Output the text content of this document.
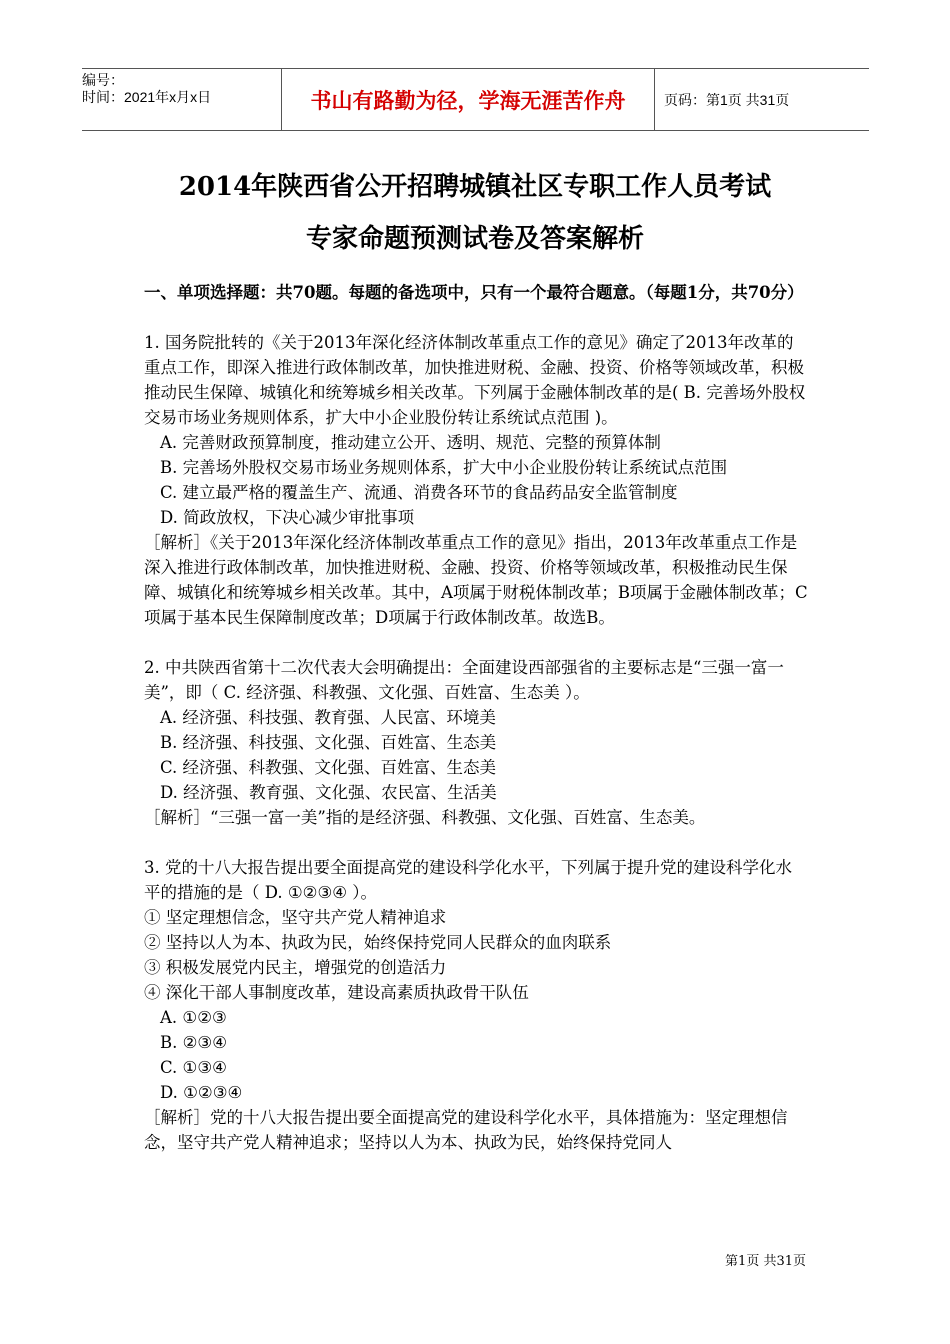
编号：
时间：2021年x月x日	书山有路勤为径，学海无涯苦作舟	页码：第1页 共31页
2014年陕西省公开招聘城镇社区专职工作人员考试
专家命题预测试卷及答案解析

一、单项选择题：共70题。每题的备选项中，只有一个最符合题意。（每题1分，共70分）

1. 国务院批转的《关于2013年深化经济体制改革重点工作的意见》确定了2013年改革的重点工作，即深入推进行政体制改革，加快推进财税、金融、投资、价格等领域改革，积极推动民生保障、城镇化和统筹城乡相关改革。下列属于金融体制改革的是( B. 完善场外股权交易市场业务规则体系，扩大中小企业股份转让系统试点范围 )。

A. 完善财政预算制度，推动建立公开、透明、规范、完整的预算体制

B. 完善场外股权交易市场业务规则体系，扩大中小企业股份转让系统试点范围

C. 建立最严格的覆盖生产、流通、消费各环节的食品药品安全监管制度

D. 简政放权，下决心减少审批事项

［解析］《关于2013年深化经济体制改革重点工作的意见》指出，2013年改革重点工作是深入推进行政体制改革，加快推进财税、金融、投资、价格等领域改革，积极推动民生保障、城镇化和统筹城乡相关改革。其中，A项属于财税体制改革；B项属于金融体制改革；C项属于基本民生保障制度改革；D项属于行政体制改革。故选B。

2. 中共陕西省第十二次代表大会明确提出：全面建设西部强省的主要标志是“三强一富一美”，即（ C. 经济强、科教强、文化强、百姓富、生态美 ）。

A. 经济强、科技强、教育强、人民富、环境美

B. 经济强、科技强、文化强、百姓富、生态美

C. 经济强、科教强、文化强、百姓富、生态美

D. 经济强、教育强、文化强、农民富、生活美

［解析］“三强一富一美”指的是经济强、科教强、文化强、百姓富、生态美。

3. 党的十八大报告提出要全面提高党的建设科学化水平，下列属于提升党的建设科学化水平的措施的是（ D. ①②③④ ）。

① 坚定理想信念，坚守共产党人精神追求

② 坚持以人为本、执政为民，始终保持党同人民群众的血肉联系

③ 积极发展党内民主，增强党的创造活力

④ 深化干部人事制度改革，建设高素质执政骨干队伍

A. ①②③

B. ②③④

C. ①③④

D. ①②③④

［解析］党的十八大报告提出要全面提高党的建设科学化水平，具体措施为：坚定理想信念，坚守共产党人精神追求；坚持以人为本、执政为民，始终保持党同人

第1页 共31页
